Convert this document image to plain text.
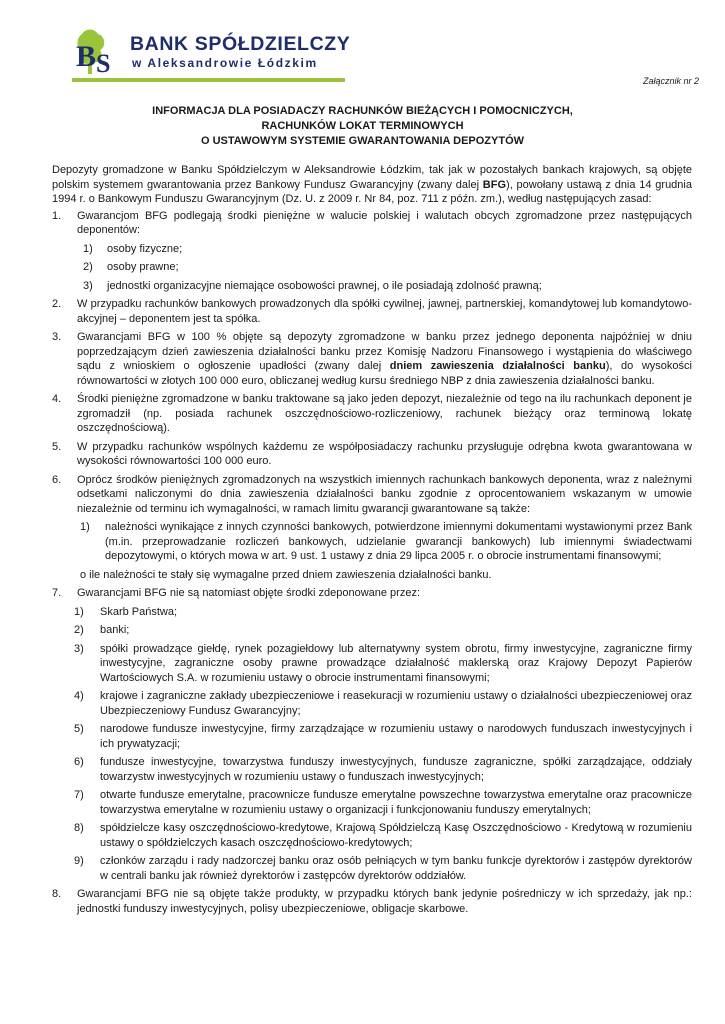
B S
BANK SPÓŁDZIELCZY
w Aleksandrowie Łódzkim
Załącznik nr 2
INFORMACJA DLA POSIADACZY RACHUNKÓW BIEŻĄCYCH I POMOCNICZYCH,
RACHUNKÓW LOKAT TERMINOWYCH
O USTAWOWYM SYSTEMIE GWARANTOWANIA DEPOZYTÓW

Depozyty gromadzone w Banku Spółdzielczym w Aleksandrowie Łódzkim, tak jak w pozostałych bankach krajowych, są objęte polskim systemem gwarantowania przez Bankowy Fundusz Gwarancyjny (zwany dalej BFG), powołany ustawą z dnia 14 grudnia 1994 r. o Bankowym Funduszu Gwarancyjnym (Dz. U. z 2009 r. Nr 84, poz. 711 z późn. zm.), według następujących zasad:

1. Gwarancjom BFG podlegają środki pieniężne w walucie polskiej i walutach obcych zgromadzone przez następujących deponentów:
1) osoby fizyczne;
2) osoby prawne;
3) jednostki organizacyjne niemające osobowości prawnej, o ile posiadają zdolność prawną;
2. W przypadku rachunków bankowych prowadzonych dla spółki cywilnej, jawnej, partnerskiej, komandytowej lub komandytowo-akcyjnej – deponentem jest ta spółka.
3. Gwarancjami BFG w 100 % objęte są depozyty zgromadzone w banku przez jednego deponenta najpóźniej w dniu poprzedzającym dzień zawieszenia działalności banku przez Komisję Nadzoru Finansowego i wystąpienia do właściwego sądu z wnioskiem o ogłoszenie upadłości (zwany dalej dniem zawieszenia działalności banku), do wysokości równowartości w złotych 100 000 euro, obliczanej według kursu średniego NBP z dnia zawieszenia działalności banku.
4. Środki pieniężne zgromadzone w banku traktowane są jako jeden depozyt, niezależnie od tego na ilu rachunkach deponent je zgromadził (np. posiada rachunek oszczędnościowo-rozliczeniowy, rachunek bieżący oraz terminową lokatę oszczędnościową).
5. W przypadku rachunków wspólnych każdemu ze współposiadaczy rachunku przysługuje odrębna kwota gwarantowana w wysokości równowartości 100 000 euro.
6. Oprócz środków pieniężnych zgromadzonych na wszystkich imiennych rachunkach bankowych deponenta, wraz z należnymi odsetkami naliczonymi do dnia zawieszenia działalności banku zgodnie z oprocentowaniem wskazanym w umowie niezależnie od terminu ich wymagalności, w ramach limitu gwarancji gwarantowane są także:
1) należności wynikające z innych czynności bankowych, potwierdzone imiennymi dokumentami wystawionymi przez Bank (m.in. przeprowadzanie rozliczeń bankowych, udzielanie gwarancji bankowych) lub imiennymi świadectwami depozytowymi, o których mowa w art. 9 ust. 1 ustawy z dnia 29 lipca 2005 r. o obrocie instrumentami finansowymi;
o ile należności te stały się wymagalne przed dniem zawieszenia działalności banku.
7. Gwarancjami BFG nie są natomiast objęte środki zdeponowane przez:
1) Skarb Państwa;
2) banki;
3) spółki prowadzące giełdę, rynek pozagiełdowy lub alternatywny system obrotu, firmy inwestycyjne, zagraniczne firmy inwestycyjne, zagraniczne osoby prawne prowadzące działalność maklerską oraz Krajowy Depozyt Papierów Wartościowych S.A. w rozumieniu ustawy o obrocie instrumentami finansowymi;
4) krajowe i zagraniczne zakłady ubezpieczeniowe i reasekuracji w rozumieniu ustawy o działalności ubezpieczeniowej oraz Ubezpieczeniowy Fundusz Gwarancyjny;
5) narodowe fundusze inwestycyjne, firmy zarządzające w rozumieniu ustawy o narodowych funduszach inwestycyjnych i ich prywatyzacji;
6) fundusze inwestycyjne, towarzystwa funduszy inwestycyjnych, fundusze zagraniczne, spółki zarządzające, oddziały towarzystw inwestycyjnych w rozumieniu ustawy o funduszach inwestycyjnych;
7) otwarte fundusze emerytalne, pracownicze fundusze emerytalne powszechne towarzystwa emerytalne oraz pracownicze towarzystwa emerytalne w rozumieniu ustawy o organizacji i funkcjonowaniu funduszy emerytalnych;
8) spółdzielcze kasy oszczędnościowo-kredytowe, Krajową Spółdzielczą Kasę Oszczędnościowo - Kredytową w rozumieniu ustawy o spółdzielczych kasach oszczędnościowo-kredytowych;
9) członków zarządu i rady nadzorczej banku oraz osób pełniących w tym banku funkcje dyrektorów i zastępów dyrektorów w centrali banku jak również dyrektorów i zastępców dyrektorów oddziałów.
8. Gwarancjami BFG nie są objęte także produkty, w przypadku których bank jedynie pośredniczy w ich sprzedaży, jak np.: jednostki funduszy inwestycyjnych, polisy ubezpieczeniowe, obligacje skarbowe.
